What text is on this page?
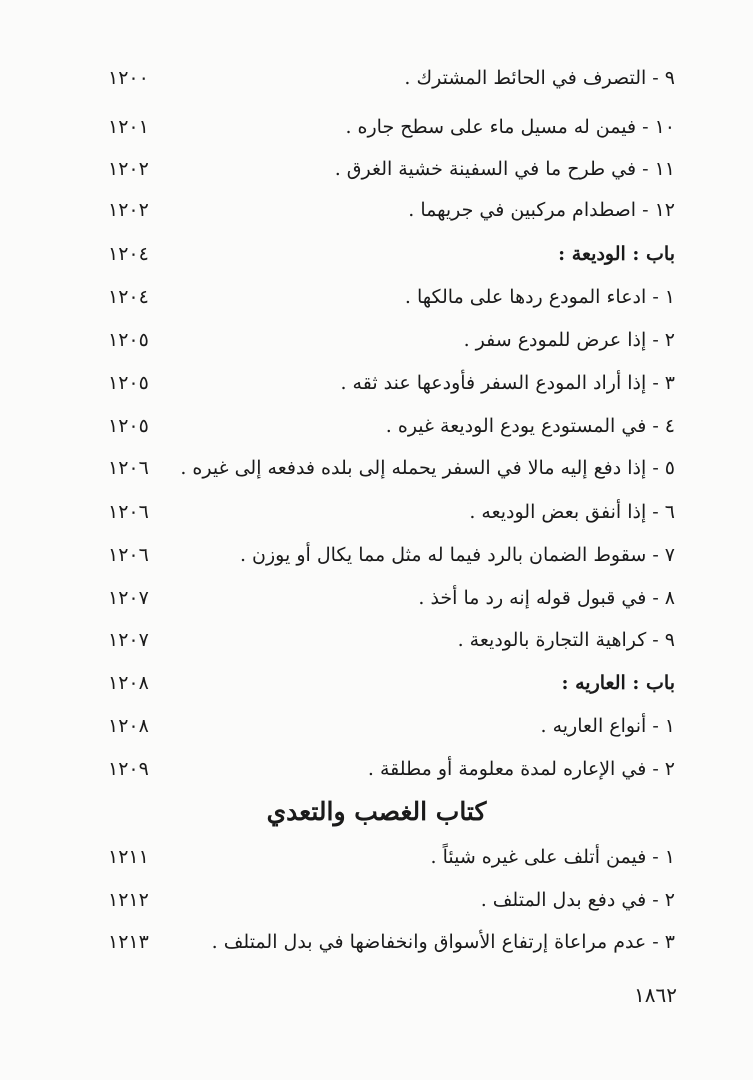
٩ - التصرف في الحائط المشترك .
١٢٠٠
١٠ - فيمن له مسيل ماء على سطح جاره .
١٢٠١
١١ - في طرح ما في السفينة خشية الغرق .
١٢٠٢
١٢ - اصطدام مركبين في جريهما .
١٢٠٢
باب : الوديعة :
١٢٠٤
١ - ادعاء المودع ردها على مالكها .
١٢٠٤
٢ - إذا عرض للمودع سفر .
١٢٠٥
٣ - إذا أراد المودع السفر فأودعها عند ثقه .
١٢٠٥
٤ - في المستودع يودع الوديعة غيره .
١٢٠٥
٥ - إذا دفع إليه مالا في السفر يحمله إلى بلده فدفعه إلى غيره .
١٢٠٦
٦ - إذا أنفق بعض الوديعه .
١٢٠٦
٧ - سقوط الضمان بالرد فيما له مثل مما يكال أو يوزن .
١٢٠٦
٨ - في قبول قوله إنه رد ما أخذ .
١٢٠٧
٩ - كراهية التجارة بالوديعة .
١٢٠٧
باب : العاريه :
١٢٠٨
١ - أنواع العاريه .
١٢٠٨
٢ - في الإعاره لمدة معلومة أو مطلقة .
١٢٠٩
كتاب الغصب والتعدي
١ - فيمن أتلف على غيره شيئاً .
١٢١١
٢ - في دفع بدل المتلف .
١٢١٢
٣ - عدم مراعاة إرتفاع الأسواق وانخفاضها في بدل المتلف .
١٢١٣
١٨٦٢
